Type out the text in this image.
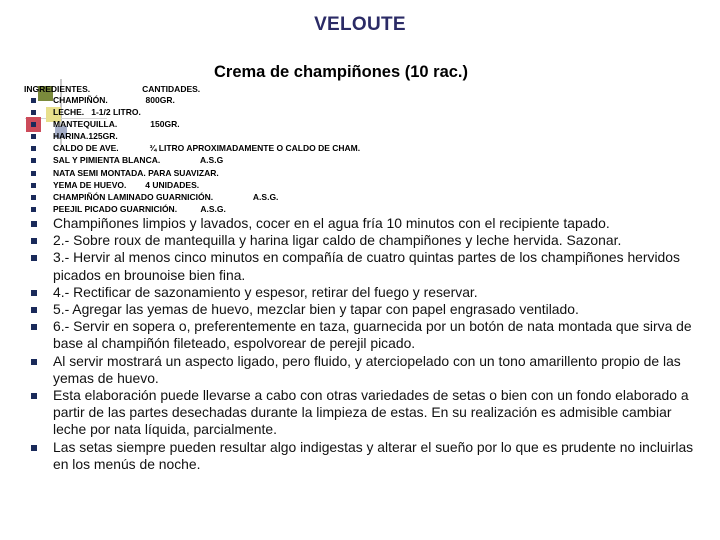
VELOUTE
Crema de champiñones (10 rac.)
INGREDIENTES.                      CANTIDADES.
CHAMPIÑÓN.                800GR.
LECHE.   1-1/2 LITRO.
MANTEQUILLA.              150GR.
HARINA.125GR.
CALDO DE AVE.             ¾ LITRO APROXIMADAMENTE O CALDO DE CHAM.
SAL Y PIMIENTA BLANCA.                 A.S.G
NATA SEMI MONTADA. PARA SUAVIZAR.
YEMA DE HUEVO.        4 UNIDADES.
CHAMPIÑÓN LAMINADO GUARNICIÓN.                 A.S.G.
PEEJIL PICADO GUARNICIÓN.          A.S.G.
Champiñones limpios y lavados, cocer en el agua fría 10 minutos con el recipiente tapado.
2.- Sobre roux de mantequilla y harina ligar caldo de champiñones y leche hervida. Sazonar.
3.- Hervir al menos cinco minutos en compañía de cuatro quintas partes de los champiñones hervidos picados en brounoise bien fina.
4.- Rectificar de sazonamiento y espesor, retirar del fuego y reservar.
5.- Agregar las yemas de huevo, mezclar bien y tapar con papel engrasado ventilado.
6.- Servir en sopera o, preferentemente en taza, guarnecida por un botón de nata montada que sirva de base al champiñón fileteado, espolvorear de perejil picado.
Al servir mostrará un aspecto ligado, pero fluido, y aterciopelado con un tono amarillento propio de las yemas de huevo.
Esta elaboración puede llevarse a cabo con otras variedades de setas o bien con un fondo elaborado a partir de las partes desechadas durante la limpieza de estas. En su realización es admisible cambiar leche por nata líquida, parcialmente.
Las setas siempre pueden resultar algo indigestas y alterar el sueño por lo que es prudente no incluirlas en los menús de noche.
